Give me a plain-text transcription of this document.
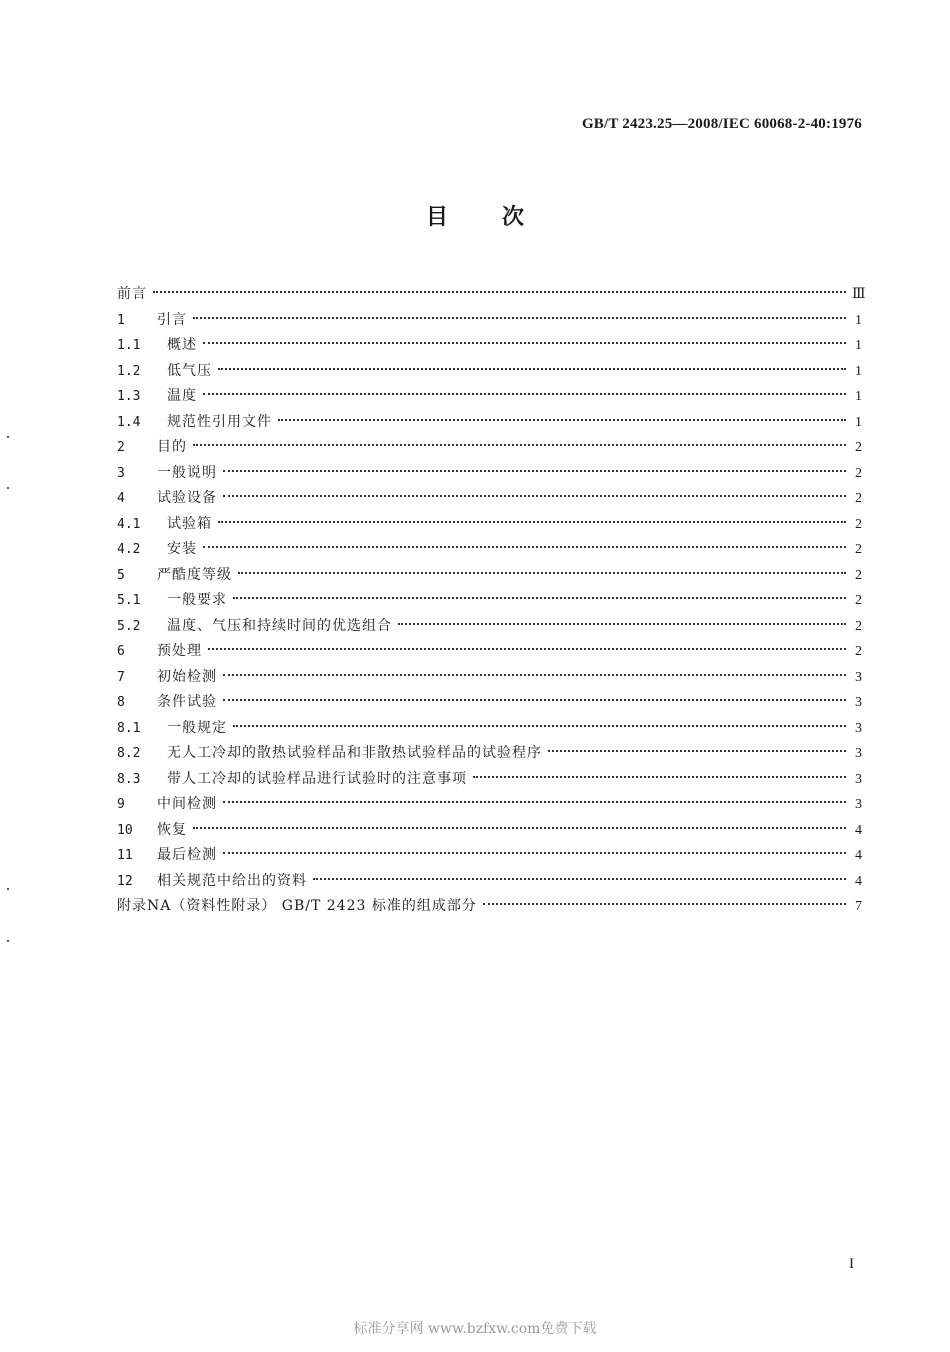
GB/T 2423.25—2008/IEC 60068-2-40:1976
目次
前言	Ⅲ
1	引言	1
1.1	概述	1
1.2	低气压	1
1.3	温度	1
1.4	规范性引用文件	1
2	目的	2
3	一般说明	2
4	试验设备	2
4.1	试验箱	2
4.2	安装	2
5	严酷度等级	2
5.1	一般要求	2
5.2	温度、气压和持续时间的优选组合	2
6	预处理	2
7	初始检测	3
8	条件试验	3
8.1	一般规定	3
8.2	无人工冷却的散热试验样品和非散热试验样品的试验程序	3
8.3	带人工冷却的试验样品进行试验时的注意事项	3
9	中间检测	3
10	恢复	4
11	最后检测	4
12	相关规范中给出的资料	4
附录NA（资料性附录） GB/T 2423 标准的组成部分	7
I
标准分享网 www.bzfxw.com免费下载
